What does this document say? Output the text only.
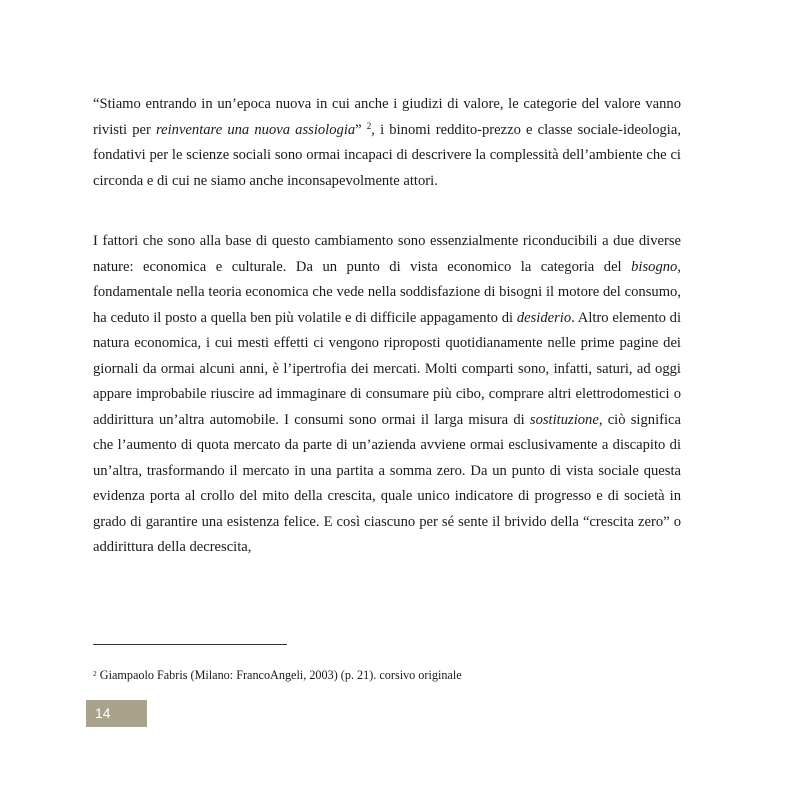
“Stiamo entrando in un’epoca nuova in cui anche i giudizi di valore, le categorie del valore vanno rivisti per reinventare una nuova assiologia” $^2$, i binomi reddito-prezzo e classe sociale-ideologia, fondativi per le scienze sociali sono ormai incapaci di descrivere la complessità dell’ambiente che ci circonda e di cui ne siamo anche inconsapevolmente attori.

I fattori che sono alla base di questo cambiamento sono essenzialmente riconducibili a due diverse nature: economica e culturale. Da un punto di vista economico la categoria del bisogno, fondamentale nella teoria economica che vede nella soddisfazione di bisogni il motore del consumo, ha ceduto il posto a quella ben più volatile e di difficile appagamento di desiderio. Altro elemento di natura economica, i cui mesti effetti ci vengono riproposti quotidianamente nelle prime pagine dei giornali da ormai alcuni anni, è l’ipertrofia dei mercati. Molti comparti sono, infatti, saturi, ad oggi appare improbabile riuscire ad immaginare di consumare più cibo, comprare altri elettrodomestici o addirittura un’altra automobile. I consumi sono ormai il larga misura di sostituzione, ciò significa che l’aumento di quota mercato da parte di un’azienda avviene ormai esclusivamente a discapito di un’altra, trasformando il mercato in una partita a somma zero. Da un punto di vista sociale questa evidenza porta al crollo del mito della crescita, quale unico indicatore di progresso e di società in grado di garantire una esistenza felice. E così ciascuno per sé sente il brivido della “crescita zero” o addirittura della decrescita,

$^2$ Giampaolo Fabris (Milano: FrancoAngeli, 2003) (p. 21). corsivo originale

14
